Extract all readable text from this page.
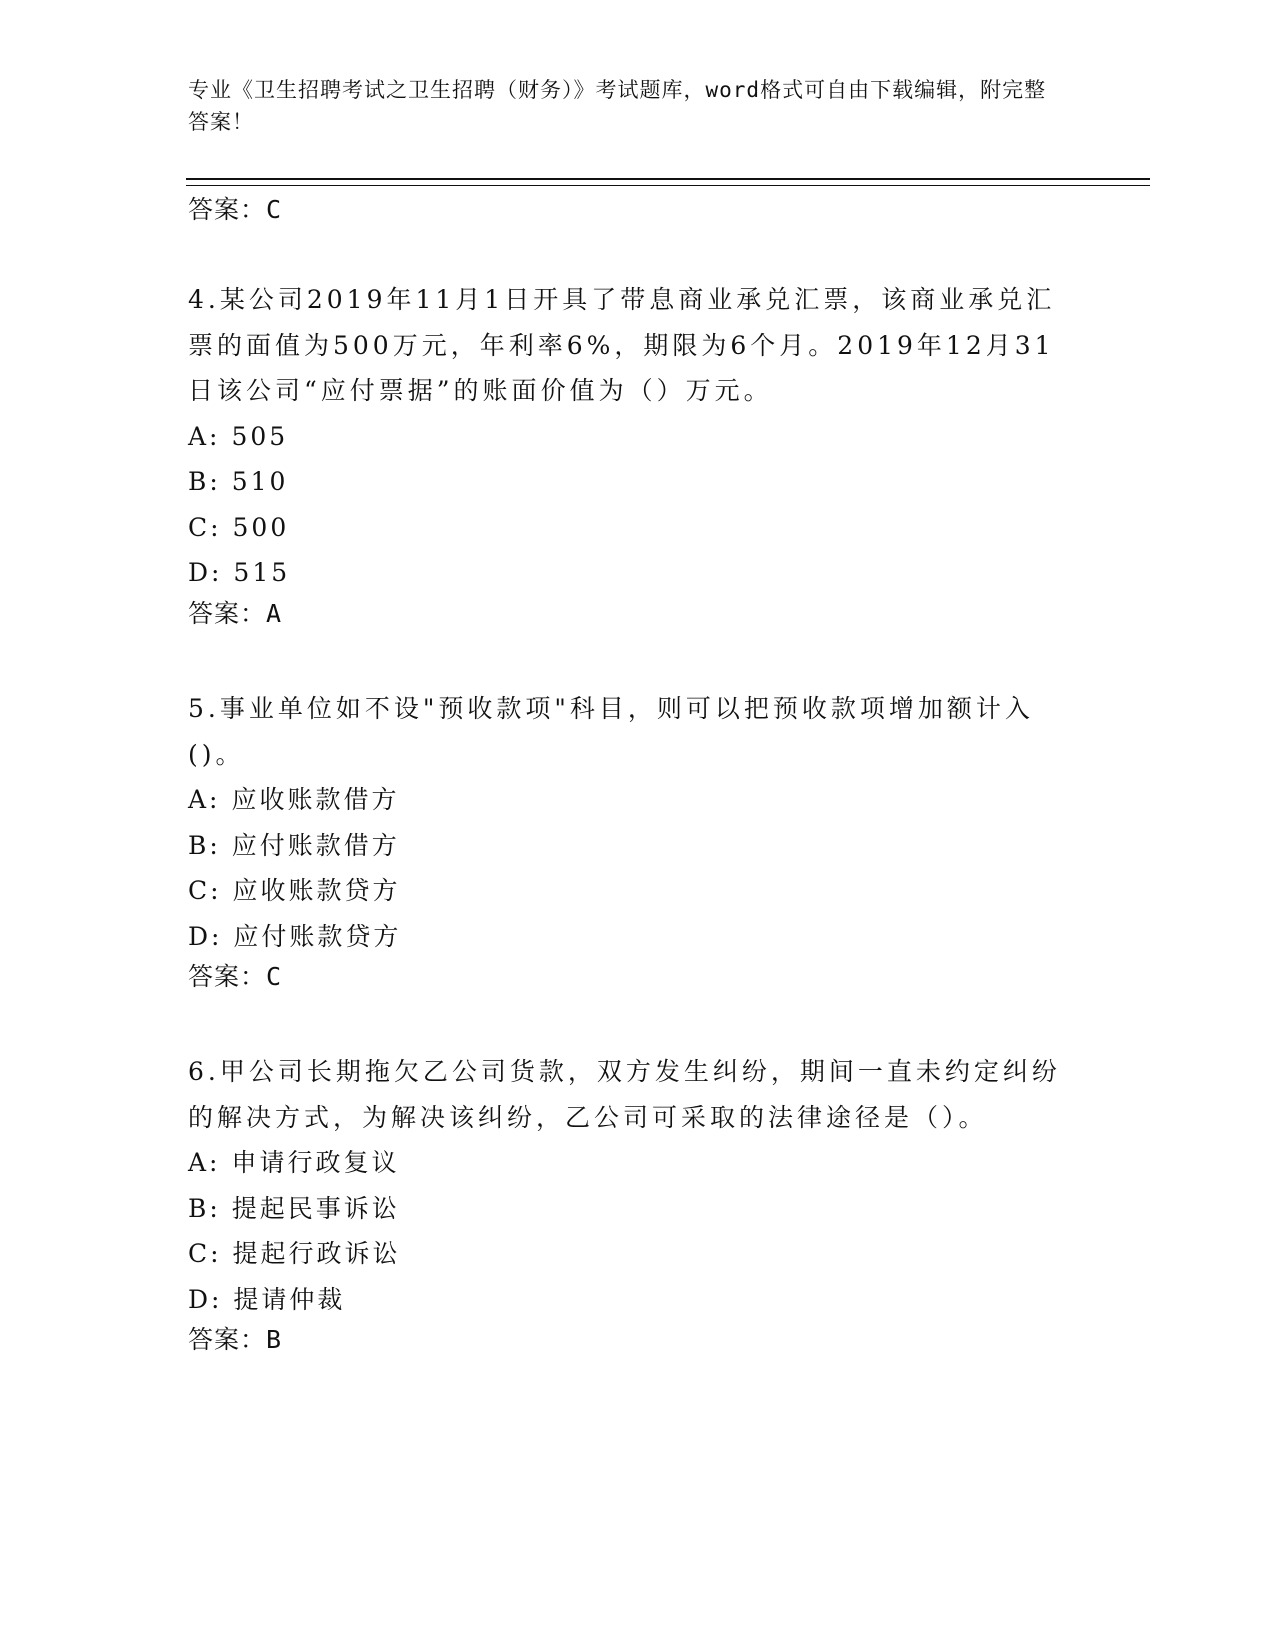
专业《卫生招聘考试之卫生招聘（财务）》考试题库，word格式可自由下载编辑，附完整答案！
答案：C

4.某公司2019年11月1日开具了带息商业承兑汇票，该商业承兑汇票的面值为500万元，年利率6%，期限为6个月。2019年12月31日该公司“应付票据”的账面价值为（）万元。

A: 505

B: 510

C: 500

D: 515

答案：A

5.事业单位如不设"预收款项"科目，则可以把预收款项增加额计入()。

A: 应收账款借方

B: 应付账款借方

C: 应收账款贷方

D: 应付账款贷方

答案：C

6.甲公司长期拖欠乙公司货款，双方发生纠纷，期间一直未约定纠纷的解决方式，为解决该纠纷，乙公司可采取的法律途径是（）。

A: 申请行政复议

B: 提起民事诉讼

C: 提起行政诉讼

D: 提请仲裁

答案：B
